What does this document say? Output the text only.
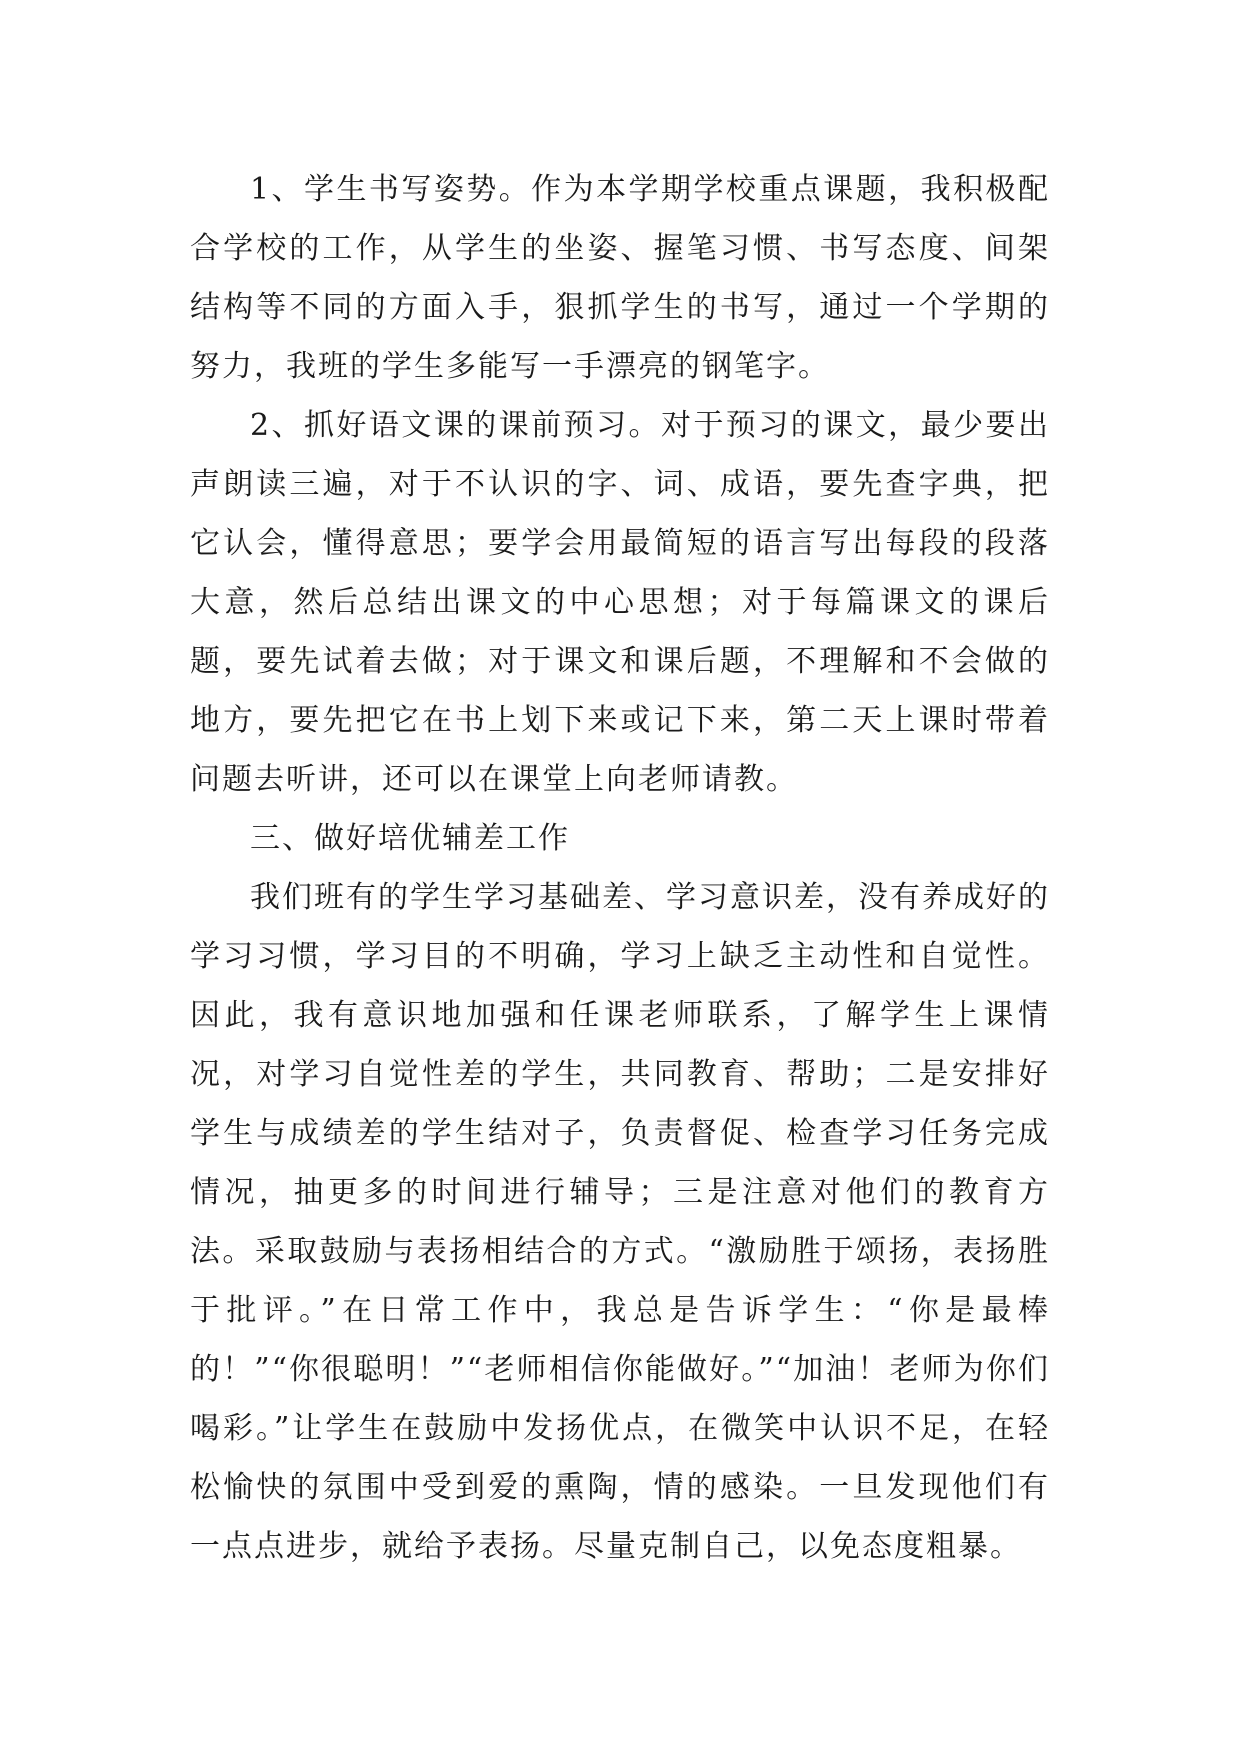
1、学生书写姿势。作为本学期学校重点课题，我积极配合学校的工作，从学生的坐姿、握笔习惯、书写态度、间架结构等不同的方面入手，狠抓学生的书写，通过一个学期的努力，我班的学生多能写一手漂亮的钢笔字。

2、抓好语文课的课前预习。对于预习的课文，最少要出声朗读三遍，对于不认识的字、词、成语，要先查字典，把它认会，懂得意思；要学会用最简短的语言写出每段的段落大意，然后总结出课文的中心思想；对于每篇课文的课后题，要先试着去做；对于课文和课后题，不理解和不会做的地方，要先把它在书上划下来或记下来，第二天上课时带着问题去听讲，还可以在课堂上向老师请教。

三、做好培优辅差工作

我们班有的学生学习基础差、学习意识差，没有养成好的学习习惯，学习目的不明确，学习上缺乏主动性和自觉性。因此，我有意识地加强和任课老师联系，了解学生上课情况，对学习自觉性差的学生，共同教育、帮助；二是安排好学生与成绩差的学生结对子，负责督促、检查学习任务完成情况，抽更多的时间进行辅导；三是注意对他们的教育方法。采取鼓励与表扬相结合的方式。“激励胜于颂扬，表扬胜于批评。”在日常工作中，我总是告诉学生：“你是最棒的！”“你很聪明！”“老师相信你能做好。”“加油！老师为你们喝彩。”让学生在鼓励中发扬优点，在微笑中认识不足，在轻松愉快的氛围中受到爱的熏陶，情的感染。一旦发现他们有一点点进步，就给予表扬。尽量克制自己，以免态度粗暴。
